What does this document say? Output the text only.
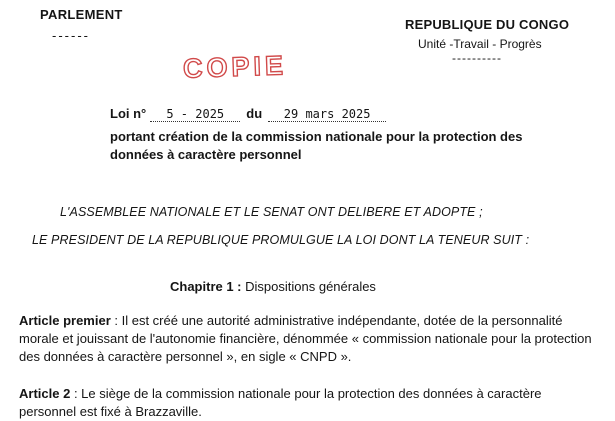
PARLEMENT
------
REPUBLIQUE DU CONGO
Unité -Travail - Progrès
----------
COPIE
Loi n° 5 - 2025 du 29 mars 2025
portant création de la commission nationale pour la protection des données à caractère personnel
L'ASSEMBLEE NATIONALE ET LE SENAT ONT DELIBERE ET ADOPTE ;
LE PRESIDENT DE LA REPUBLIQUE PROMULGUE LA LOI DONT LA TENEUR SUIT :
Chapitre 1 : Dispositions générales
Article premier : Il est créé une autorité administrative indépendante, dotée de la personnalité morale et jouissant de l'autonomie financière, dénommée « commission nationale pour la protection des données à caractère personnel », en sigle « CNPD ».
Article 2 : Le siège de la commission nationale pour la protection des données à caractère personnel est fixé à Brazzaville.
